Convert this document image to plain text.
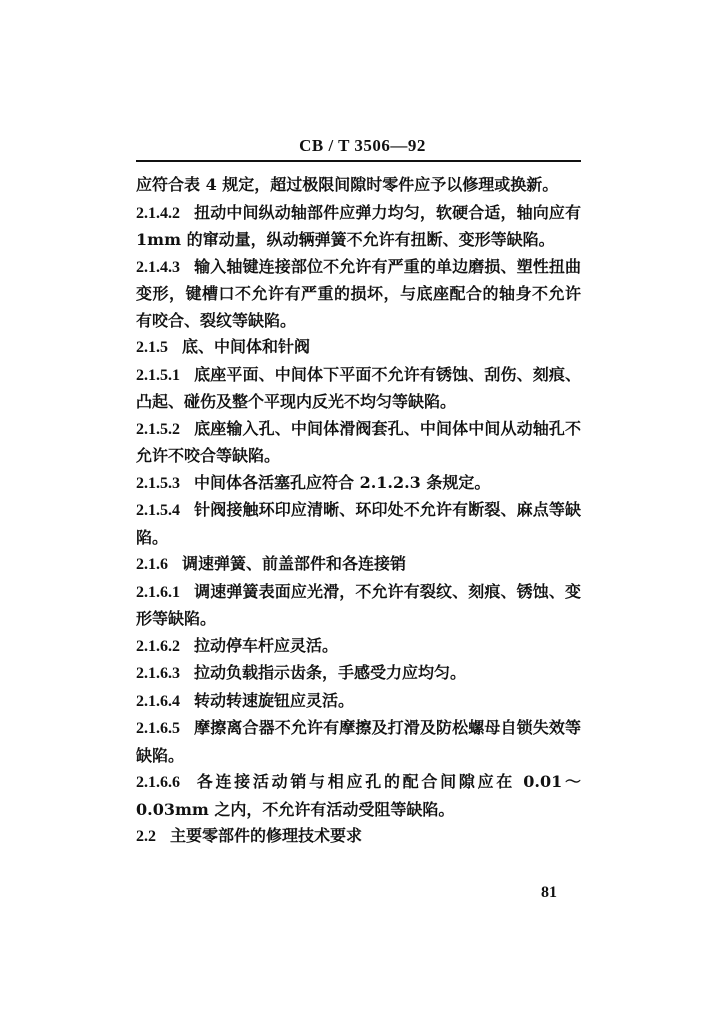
CB / T 3506—92

应符合表 4 规定，超过极限间隙时零件应予以修理或换新。

2.1.4.2 扭动中间纵动轴部件应弹力均匀，软硬合适，轴向应有 1mm 的窜动量，纵动辆弹簧不允许有扭断、变形等缺陷。

2.1.4.3 输入轴键连接部位不允许有严重的单边磨损、塑性扭曲变形，键槽口不允许有严重的损坏，与底座配合的轴身不允许有咬合、裂纹等缺陷。

2.1.5 底、中间体和针阀

2.1.5.1 底座平面、中间体下平面不允许有锈蚀、刮伤、刻痕、凸起、碰伤及整个平现内反光不均匀等缺陷。

2.1.5.2 底座输入孔、中间体滑阀套孔、中间体中间从动轴孔不允许不咬合等缺陷。

2.1.5.3 中间体各活塞孔应符合 2.1.2.3 条规定。

2.1.5.4 针阀接触环印应清晰、环印处不允许有断裂、麻点等缺陷。

2.1.6 调速弹簧、前盖部件和各连接销

2.1.6.1 调速弹簧表面应光滑，不允许有裂纹、刻痕、锈蚀、变形等缺陷。

2.1.6.2 拉动停车杆应灵活。

2.1.6.3 拉动负载指示齿条，手感受力应均匀。

2.1.6.4 转动转速旋钮应灵活。

2.1.6.5 摩擦离合器不允许有摩擦及打滑及防松螺母自锁失效等缺陷。

2.1.6.6 各连接活动销与相应孔的配合间隙应在 0.01～0.03mm 之内，不允许有活动受阻等缺陷。

2.2 主要零部件的修理技术要求

81
